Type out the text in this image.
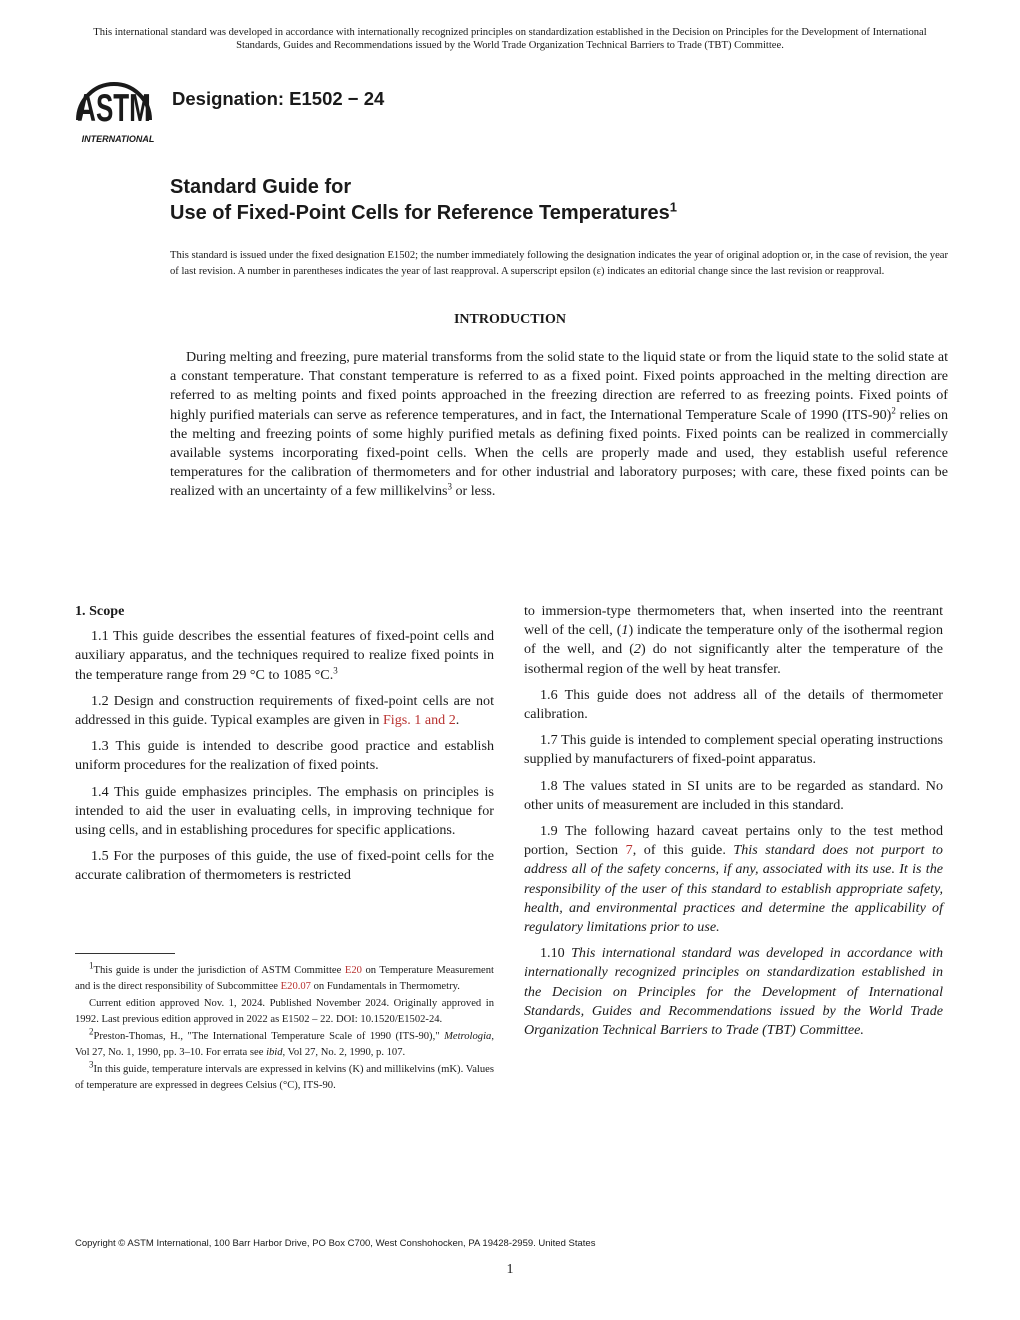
This international standard was developed in accordance with internationally recognized principles on standardization established in the Decision on Principles for the Development of International Standards, Guides and Recommendations issued by the World Trade Organization Technical Barriers to Trade (TBT) Committee.
ASTM
INTERNATIONAL
Designation: E1502 − 24
Standard Guide for
Use of Fixed-Point Cells for Reference Temperatures$^1$
This standard is issued under the fixed designation E1502; the number immediately following the designation indicates the year of original adoption or, in the case of revision, the year of last revision. A number in parentheses indicates the year of last reapproval. A superscript epsilon (ε) indicates an editorial change since the last revision or reapproval.
INTRODUCTION
During melting and freezing, pure material transforms from the solid state to the liquid state or from the liquid state to the solid state at a constant temperature. That constant temperature is referred to as a fixed point. Fixed points approached in the melting direction are referred to as melting points and fixed points approached in the freezing direction are referred to as freezing points. Fixed points of highly purified materials can serve as reference temperatures, and in fact, the International Temperature Scale of 1990 $(ITS-90)^2$ relies on the melting and freezing points of some highly purified metals as defining fixed points. Fixed points can be realized in commercially available systems incorporating fixed-point cells. When the cells are properly made and used, they establish useful reference temperatures for the calibration of thermometers and for other industrial and laboratory purposes; with care, these fixed points can be realized with an uncertainty of a few millikelvins$^3$ or less.

1. Scope

1.1 This guide describes the essential features of fixed-point cells and auxiliary apparatus, and the techniques required to realize fixed points in the temperature range from 29 °C to 1085 °C.$^3$

1.2 Design and construction requirements of fixed-point cells are not addressed in this guide. Typical examples are given in Figs. 1 and 2.

1.3 This guide is intended to describe good practice and establish uniform procedures for the realization of fixed points.

1.4 This guide emphasizes principles. The emphasis on principles is intended to aid the user in evaluating cells, in improving technique for using cells, and in establishing procedures for specific applications.

1.5 For the purposes of this guide, the use of fixed-point cells for the accurate calibration of thermometers is restricted

to immersion-type thermometers that, when inserted into the reentrant well of the cell, (1) indicate the temperature only of the isothermal region of the well, and (2) do not significantly alter the temperature of the isothermal region of the well by heat transfer.

1.6 This guide does not address all of the details of thermometer calibration.

1.7 This guide is intended to complement special operating instructions supplied by manufacturers of fixed-point apparatus.

1.8 The values stated in SI units are to be regarded as standard. No other units of measurement are included in this standard.

1.9 The following hazard caveat pertains only to the test method portion, Section 7, of this guide. This standard does not purport to address all of the safety concerns, if any, associated with its use. It is the responsibility of the user of this standard to establish appropriate safety, health, and environmental practices and determine the applicability of regulatory limitations prior to use.

1.10 This international standard was developed in accordance with internationally recognized principles on standardization established in the Decision on Principles for the Development of International Standards, Guides and Recommendations issued by the World Trade Organization Technical Barriers to Trade (TBT) Committee.

$^1$This guide is under the jurisdiction of ASTM Committee E20 on Temperature Measurement and is the direct responsibility of Subcommittee E20.07 on Fundamentals in Thermometry.

Current edition approved Nov. 1, 2024. Published November 2024. Originally approved in 1992. Last previous edition approved in 2022 as E1502 – 22. DOI: 10.1520/E1502-24.

$^2$Preston-Thomas, H., "The International Temperature Scale of 1990 (ITS-90)," Metrologia, Vol 27, No. 1, 1990, pp. 3–10. For errata see ibid, Vol 27, No. 2, 1990, p. 107.

$^3$In this guide, temperature intervals are expressed in kelvins (K) and millikelvins (mK). Values of temperature are expressed in degrees Celsius (°C), ITS-90.

Copyright © ASTM International, 100 Barr Harbor Drive, PO Box C700, West Conshohocken, PA 19428-2959. United States
1
